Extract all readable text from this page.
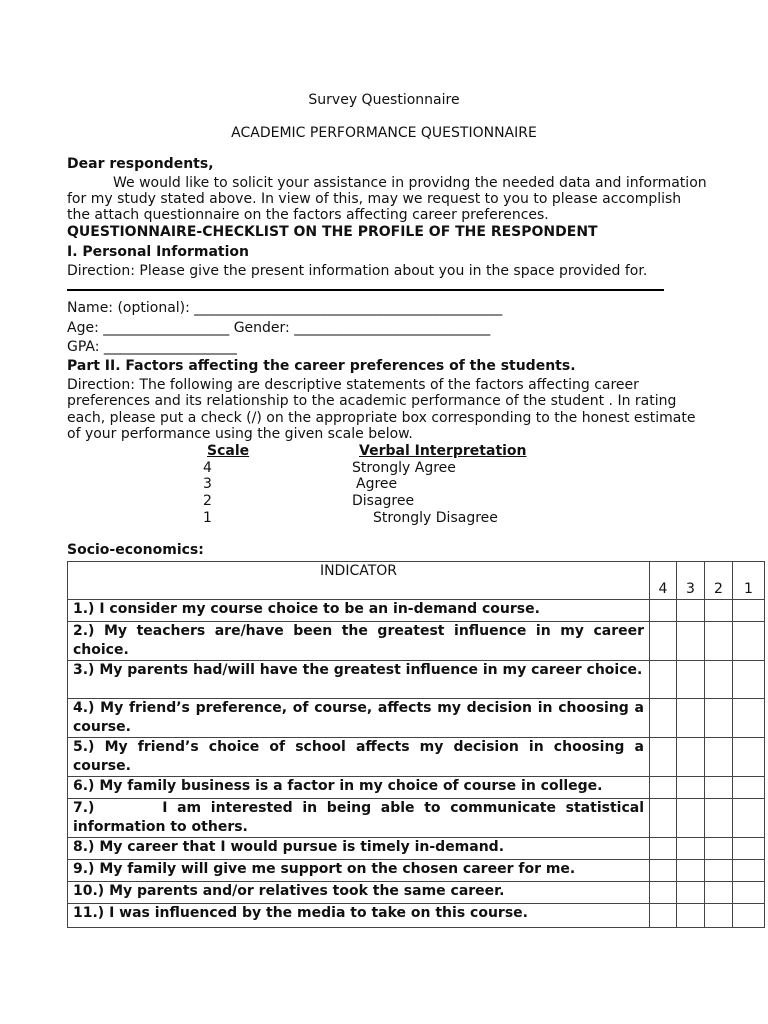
Survey Questionnaire
ACADEMIC PERFORMANCE QUESTIONNAIRE
Dear respondents,
We would like to solicit your assistance in providng the needed data and information
for my study stated above. In view of this, may we request to you to please accomplish
the attach questionnaire on the factors affecting career preferences.
QUESTIONNAIRE-CHECKLIST ON THE PROFILE OF THE RESPONDENT
I. Personal Information
Direction: Please give the present information about you in the space provided for.
Name: (optional): ____________________________________________
Age: __________________ Gender: ____________________________
GPA: ___________________
Part II. Factors affecting the career preferences of the students.
Direction: The following are descriptive statements of the factors affecting career
preferences and its relationship to the academic performance of the student . In rating
each, please put a check (/) on the appropriate box corresponding to the honest estimate
of your performance using the given scale below.
Scale	Verbal Interpretation
4	Strongly Agree
3	Agree
2	Disagree
1	Strongly Disagree
Socio-economics:
INDICATOR	4	3	2	1
1.) I consider my course choice to be an in-demand course.				
2.) My teachers are/have been the greatest influence in my career choice.				
3.) My parents had/will have the greatest influence in my career choice.				
4.) My friend’s preference, of course, affects my decision in choosing a course.				
5.) My friend’s choice of school affects my decision in choosing a course.				
6.) My family business is a factor in my choice of course in college.				
7.)       I am interested in being able to communicate statistical information to others.				
8.) My career that I would pursue is timely in-demand.				
9.) My family will give me support on the chosen career for me.				
10.) My parents and/or relatives took the same career.				
11.) I was influenced by the media to take on this course.				
